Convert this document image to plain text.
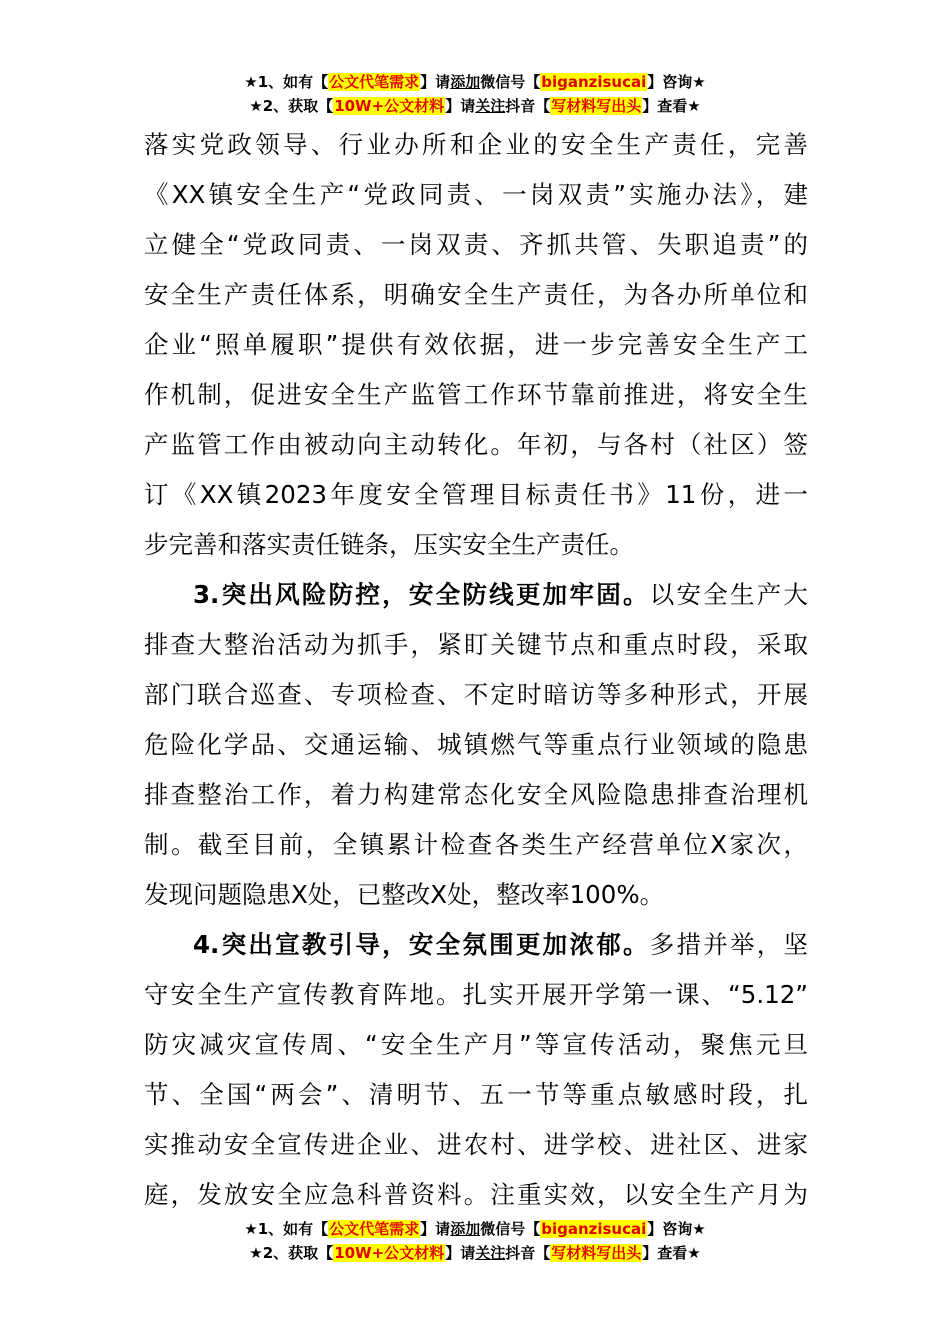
★1、如有【公文代笔需求】请添加微信号【biganzisucai】咨询★
★2、获取【10W+公文材料】请关注抖音【写材料写出头】查看★
落实党政领导、行业办所和企业的安全生产责任，完善
《XX镇安全生产“党政同责、一岗双责”实施办法》，建
立健全“党政同责、一岗双责、齐抓共管、失职追责”的
安全生产责任体系，明确安全生产责任，为各办所单位和
企业“照单履职”提供有效依据，进一步完善安全生产工
作机制，促进安全生产监管工作环节靠前推进，将安全生
产监管工作由被动向主动转化。年初，与各村（社区）签
订《XX镇2023年度安全管理目标责任书》11份，进一
步完善和落实责任链条，压实安全生产责任。
3.突出风险防控，安全防线更加牢固。以安全生产大
排查大整治活动为抓手，紧盯关键节点和重点时段，采取
部门联合巡查、专项检查、不定时暗访等多种形式，开展
危险化学品、交通运输、城镇燃气等重点行业领域的隐患
排查整治工作，着力构建常态化安全风险隐患排查治理机
制。截至目前，全镇累计检查各类生产经营单位X家次，
发现问题隐患X处，已整改X处，整改率100%。
4.突出宣教引导，安全氛围更加浓郁。多措并举，坚
守安全生产宣传教育阵地。扎实开展开学第一课、“5.12”
防灾减灾宣传周、“安全生产月”等宣传活动，聚焦元旦
节、全国“两会”、清明节、五一节等重点敏感时段，扎
实推动安全宣传进企业、进农村、进学校、进社区、进家
庭，发放安全应急科普资料。注重实效，以安全生产月为
★1、如有【公文代笔需求】请添加微信号【biganzisucai】咨询★
★2、获取【10W+公文材料】请关注抖音【写材料写出头】查看★
